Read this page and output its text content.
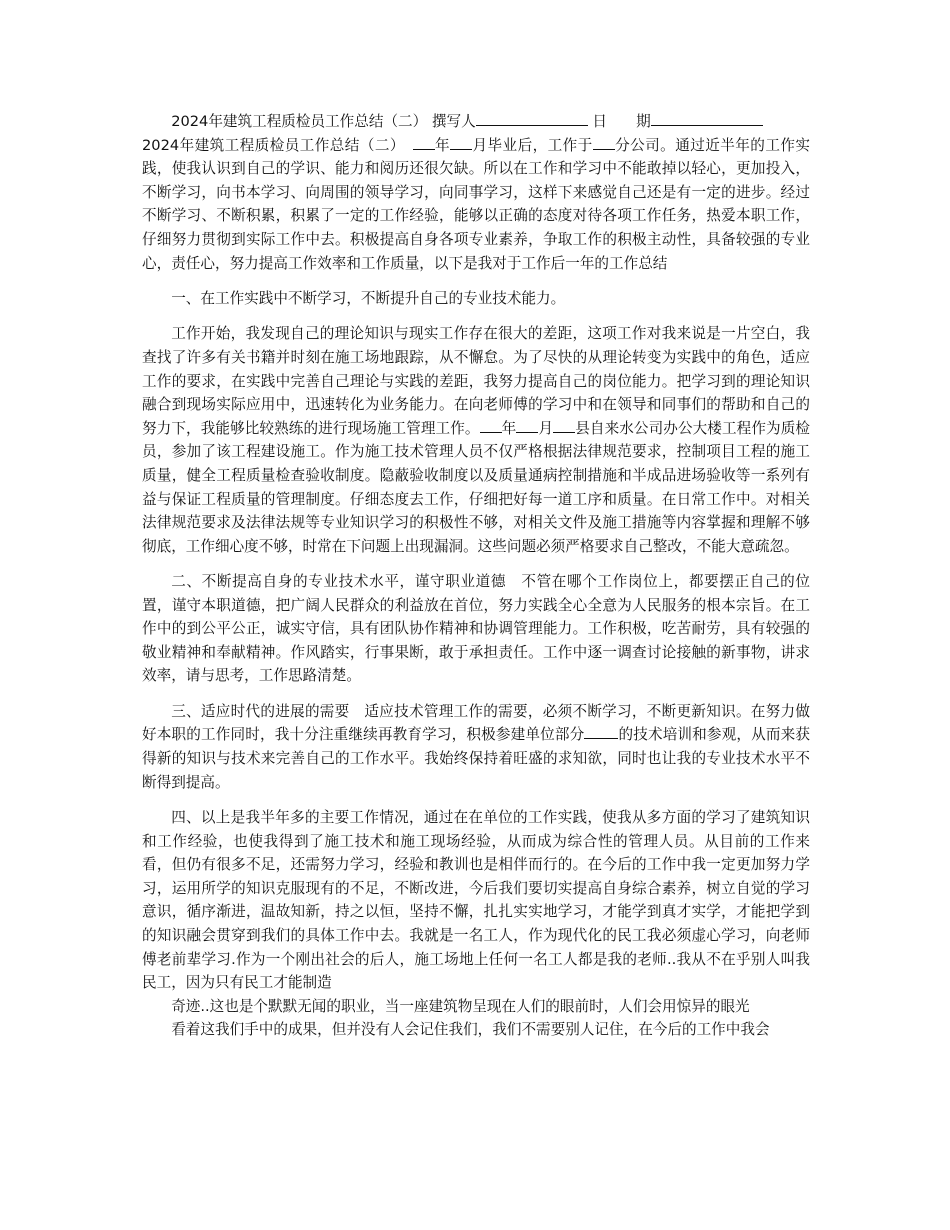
2024年建筑工程质检员工作总结（二） 撰写人	日　　期

2024年建筑工程质检员工作总结（二）　年 月毕业后，工作于 分公司。通过近半年的工作实践，使我认识到自己的学识、能力和阅历还很欠缺。所以在工作和学习中不能敢掉以轻心，更加投入，不断学习，向书本学习、向周围的领导学习，向同事学习，这样下来感觉自己还是有一定的进步。经过不断学习、不断积累，积累了一定的工作经验，能够以正确的态度对待各项工作任务，热爱本职工作，仔细努力贯彻到实际工作中去。积极提高自身各项专业素养，争取工作的积极主动性，具备较强的专业心，责任心，努力提高工作效率和工作质量，以下是我对于工作后一年的工作总结

一、在工作实践中不断学习，不断提升自己的专业技术能力。

工作开始，我发现自己的理论知识与现实工作存在很大的差距，这项工作对我来说是一片空白，我查找了许多有关书籍并时刻在施工场地跟踪，从不懈怠。为了尽快的从理论转变为实践中的角色，适应工作的要求，在实践中完善自己理论与实践的差距，我努力提高自己的岗位能力。把学习到的理论知识融合到现场实际应用中，迅速转化为业务能力。在向老师傅的学习中和在领导和同事们的帮助和自己的努力下，我能够比较熟练的进行现场施工管理工作。 年 月 县自来水公司办公大楼工程作为质检员，参加了该工程建设施工。作为施工技术管理人员不仅严格根据法律规范要求，控制项目工程的施工质量，健全工程质量检查验收制度。隐蔽验收制度以及质量通病控制措施和半成品进场验收等一系列有益与保证工程质量的管理制度。仔细态度去工作，仔细把好每一道工序和质量。在日常工作中。对相关法律规范要求及法律法规等专业知识学习的积极性不够，对相关文件及施工措施等内容掌握和理解不够彻底，工作细心度不够，时常在下问题上出现漏洞。这些问题必须严格要求自己整改，不能大意疏忽。

二、不断提高自身的专业技术水平，谨守职业道德　不管在哪个工作岗位上，都要摆正自己的位置，谨守本职道德，把广阔人民群众的利益放在首位，努力实践全心全意为人民服务的根本宗旨。在工作中的到公平公正，诚实守信，具有团队协作精神和协调管理能力。工作积极，吃苦耐劳，具有较强的敬业精神和奉献精神。作风踏实，行事果断，敢于承担责任。工作中逐一调查讨论接触的新事物，讲求效率，请与思考，工作思路清楚。

三、适应时代的进展的需要　适应技术管理工作的需要，必须不断学习，不断更新知识。在努力做好本职的工作同时，我十分注重继续再教育学习，积极参建单位部分 的技术培训和参观，从而来获得新的知识与技术来完善自己的工作水平。我始终保持着旺盛的求知欲，同时也让我的专业技术水平不断得到提高。

四、以上是我半年多的主要工作情况，通过在在单位的工作实践，使我从多方面的学习了建筑知识和工作经验，也使我得到了施工技术和施工现场经验，从而成为综合性的管理人员。从目前的工作来看，但仍有很多不足，还需努力学习，经验和教训也是相伴而行的。在今后的工作中我一定更加努力学习，运用所学的知识克服现有的不足，不断改进，今后我们要切实提高自身综合素养，树立自觉的学习意识，循序渐进，温故知新，持之以恒，坚持不懈，扎扎实实地学习，才能学到真才实学，才能把学到的知识融会贯穿到我们的具体工作中去。我就是一名工人，作为现代化的民工我必须虚心学习，向老师傅老前辈学习.作为一个刚出社会的后人，施工场地上任何一名工人都是我的老师..我从不在乎别人叫我民工，因为只有民工才能制造
奇迹..这也是个默默无闻的职业，当一座建筑物呈现在人们的眼前时，人们会用惊异的眼光
看着这我们手中的成果，但并没有人会记住我们，我们不需要别人记住，在今后的工作中我会
